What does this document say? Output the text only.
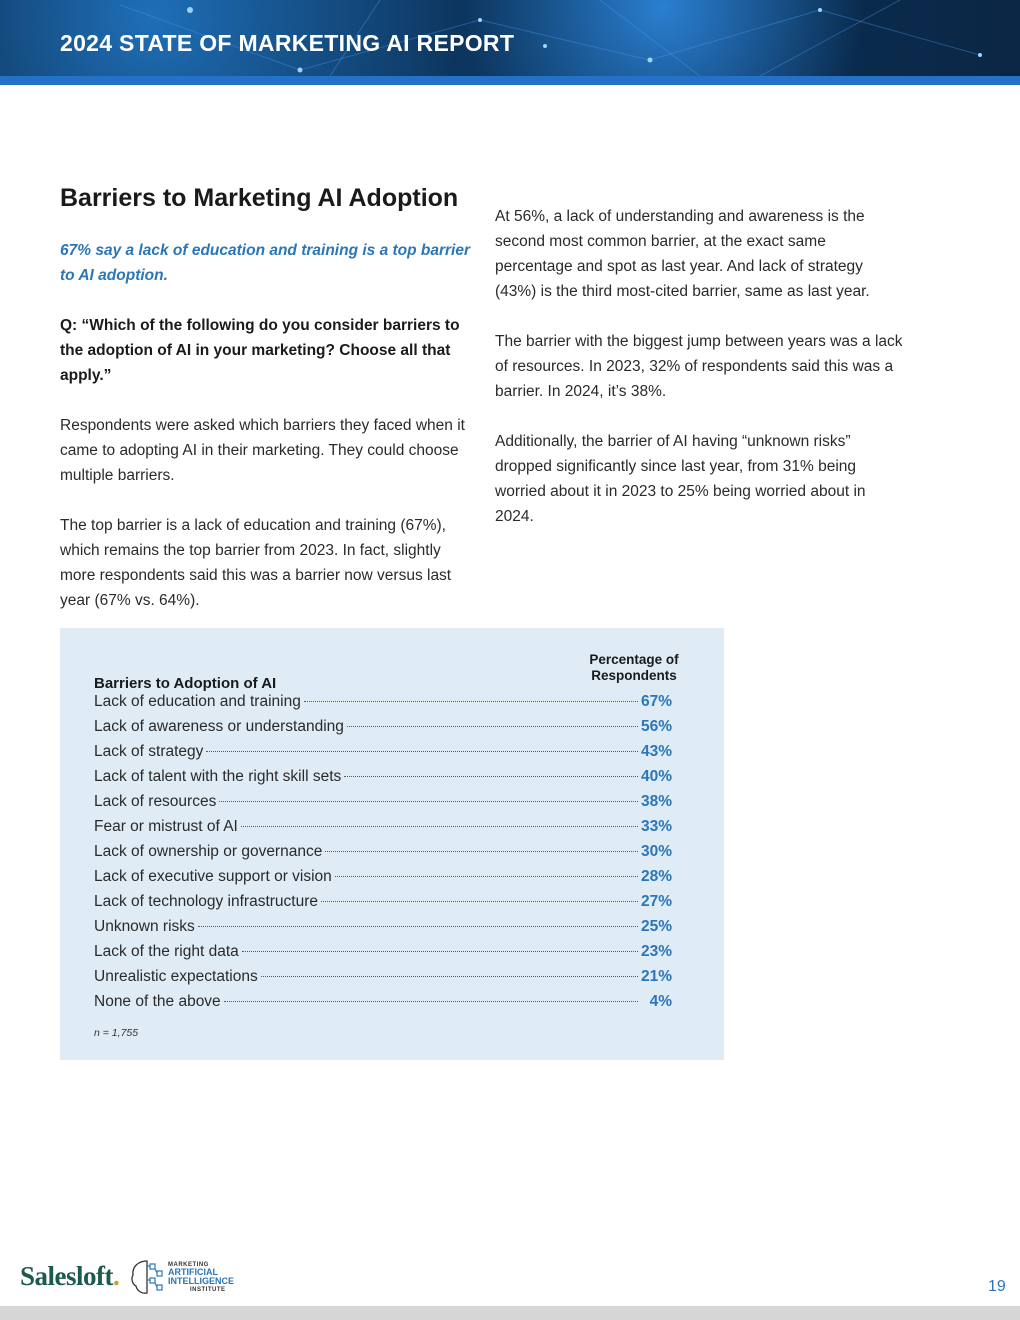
2024 STATE OF MARKETING AI REPORT
Barriers to Marketing AI Adoption

67% say a lack of education and training is a top barrier to AI adoption.

Q: “Which of the following do you consider barriers to the adoption of AI in your marketing? Choose all that apply.”

Respondents were asked which barriers they faced when it came to adopting AI in their marketing. They could choose multiple barriers.

The top barrier is a lack of education and training (67%), which remains the top barrier from 2023. In fact, slightly more respondents said this was a barrier now versus last year (67% vs. 64%).

At 56%, a lack of understanding and awareness is the second most common barrier, at the exact same percentage and spot as last year. And lack of strategy (43%) is the third most-cited barrier, same as last year.

The barrier with the biggest jump between years was a lack of resources. In 2023, 32% of respondents said this was a barrier. In 2024, it’s 38%.

Additionally, the barrier of AI having “unknown risks” dropped significantly since last year, from 31% being worried about it in 2023 to 25% being worried about in 2024.

Barriers to Adoption of AI
Percentage of
Respondents
Lack of education and training	67%
Lack of awareness or understanding	56%
Lack of strategy	43%
Lack of talent with the right skill sets	40%
Lack of resources	38%
Fear or mistrust of AI	33%
Lack of ownership or governance	30%
Lack of executive support or vision	28%
Lack of technology infrastructure	27%
Unknown risks	25%
Lack of the right data	23%
Unrealistic expectations	21%
None of the above	4%
n = 1,755
Salesloft.	MARKETING
ARTIFICIAL
INTELLIGENCE
INSTITUTE	19
